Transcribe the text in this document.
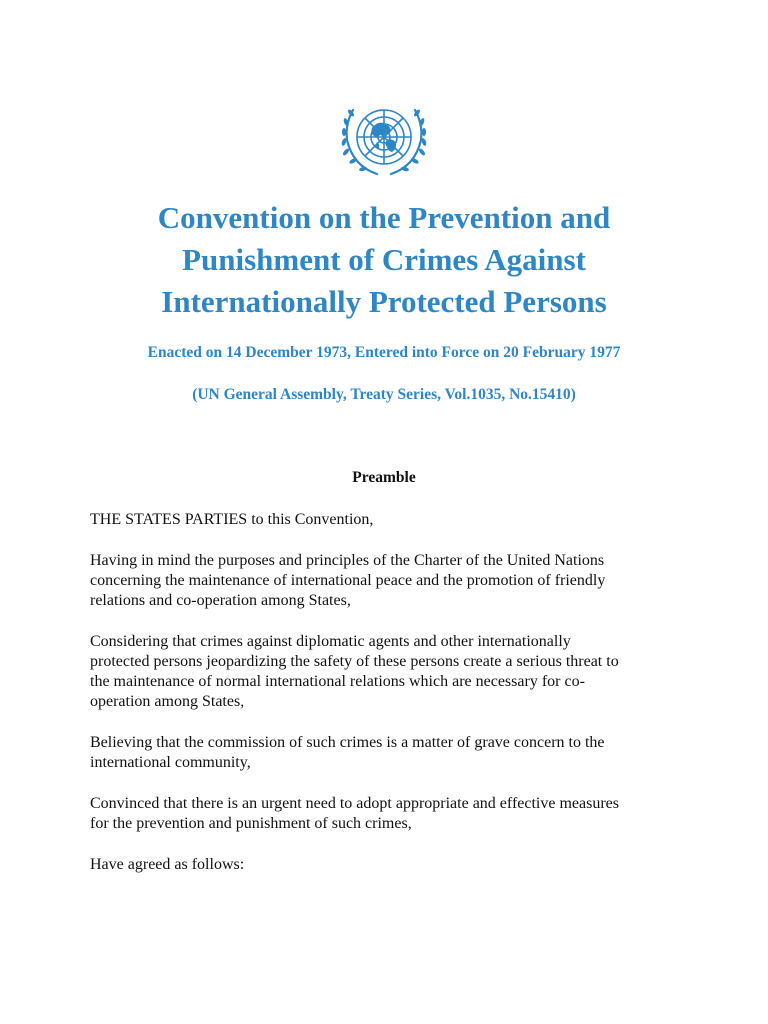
Convention on the Prevention and
Punishment of Crimes Against
Internationally Protected Persons

Enacted on 14 December 1973, Entered into Force on 20 February 1977

(UN General Assembly, Treaty Series, Vol.1035, No.15410)

Preamble

THE STATES PARTIES to this Convention,

Having in mind the purposes and principles of the Charter of the United Nations
concerning the maintenance of international peace and the promotion of friendly
relations and co-operation among States,

Considering that crimes against diplomatic agents and other internationally
protected persons jeopardizing the safety of these persons create a serious threat to
the maintenance of normal international relations which are necessary for co-
operation among States,

Believing that the commission of such crimes is a matter of grave concern to the
international community,

Convinced that there is an urgent need to adopt appropriate and effective measures
for the prevention and punishment of such crimes,

Have agreed as follows:
